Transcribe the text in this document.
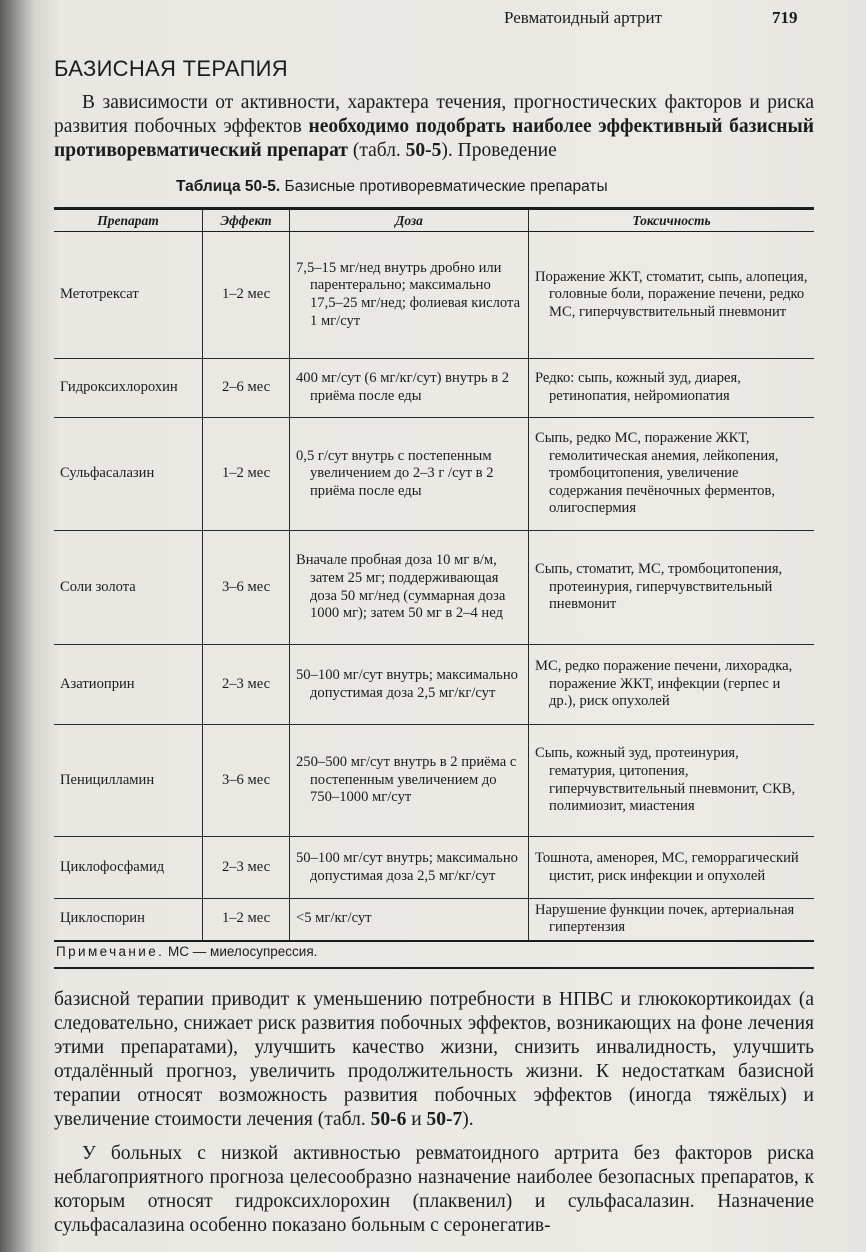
Ревматоидный артрит	719
БАЗИСНАЯ ТЕРАПИЯ

В зависимости от активности, характера течения, прогностических факторов и риска развития побочных эффектов необходимо подобрать наиболее эффективный базисный противоревматический препарат (табл. 50-5). Проведение

Таблица 50-5. Базисные противоревматические препараты
Препарат	Эффект	Доза	Токсичность
Метотрексат	1–2 мес	7,5–15 мг/нед внутрь дробно или парентерально; максимально 17,5–25 мг/нед; фолиевая кислота 1 мг/сут	Поражение ЖКТ, стоматит, сыпь, алопеция, головные боли, поражение печени, редко МС, гиперчувствительный пневмонит

Гидроксихлорохин	2–6 мес	400 мг/сут (6 мг/кг/сут) внутрь в 2 приёма после еды	Редко: сыпь, кожный зуд, диарея, ретинопатия, нейромиопатия

Сульфасалазин	1–2 мес	0,5 г/сут внутрь с постепенным увеличением до 2–3 г /сут в 2 приёма после еды	Сыпь, редко МС, поражение ЖКТ, гемолитическая анемия, лейкопения, тромбоцитопения, увеличение содержания печёночных ферментов, олигоспермия

Соли золота	3–6 мес	Вначале пробная доза 10 мг в/м, затем 25 мг; поддерживающая доза 50 мг/нед (суммарная доза 1000 мг); затем 50 мг в 2–4 нед	Сыпь, стоматит, МС, тромбоцитопения, протеинурия, гиперчувствительный пневмонит

Азатиоприн	2–3 мес	50–100 мг/сут внутрь; максимально допустимая доза 2,5 мг/кг/сут	МС, редко поражение печени, лихорадка, поражение ЖКТ, инфекции (герпес и др.), риск опухолей

Пеницилламин	3–6 мес	250–500 мг/сут внутрь в 2 приёма с постепенным увеличением до 750–1000 мг/сут	Сыпь, кожный зуд, протеинурия, гематурия, цитопения, гиперчувствительный пневмонит, СКВ, полимиозит, миастения

Циклофосфамид	2–3 мес	50–100 мг/сут внутрь; максимально допустимая доза 2,5 мг/кг/сут	Тошнота, аменорея, МС, геморрагический цистит, риск инфекции и опухолей

Циклоспорин	1–2 мес	<5 мг/кг/сут	Нарушение функции почек, артериальная гипертензия
Примечание. МС — миелосупрессия.

базисной терапии приводит к уменьшению потребности в НПВС и глюкокортикоидах (а следовательно, снижает риск развития побочных эффектов, возникающих на фоне лечения этими препаратами), улучшить качество жизни, снизить инвалидность, улучшить отдалённый прогноз, увеличить продолжительность жизни. К недостаткам базисной терапии относят возможность развития побочных эффектов (иногда тяжёлых) и увеличение стоимости лечения (табл. 50-6 и 50-7).

У больных с низкой активностью ревматоидного артрита без факторов риска неблагоприятного прогноза целесообразно назначение наиболее безопасных препаратов, к которым относят гидроксихлорохин (плаквенил) и сульфасалазин. Назначение сульфасалазина особенно показано больным с серонегатив-
